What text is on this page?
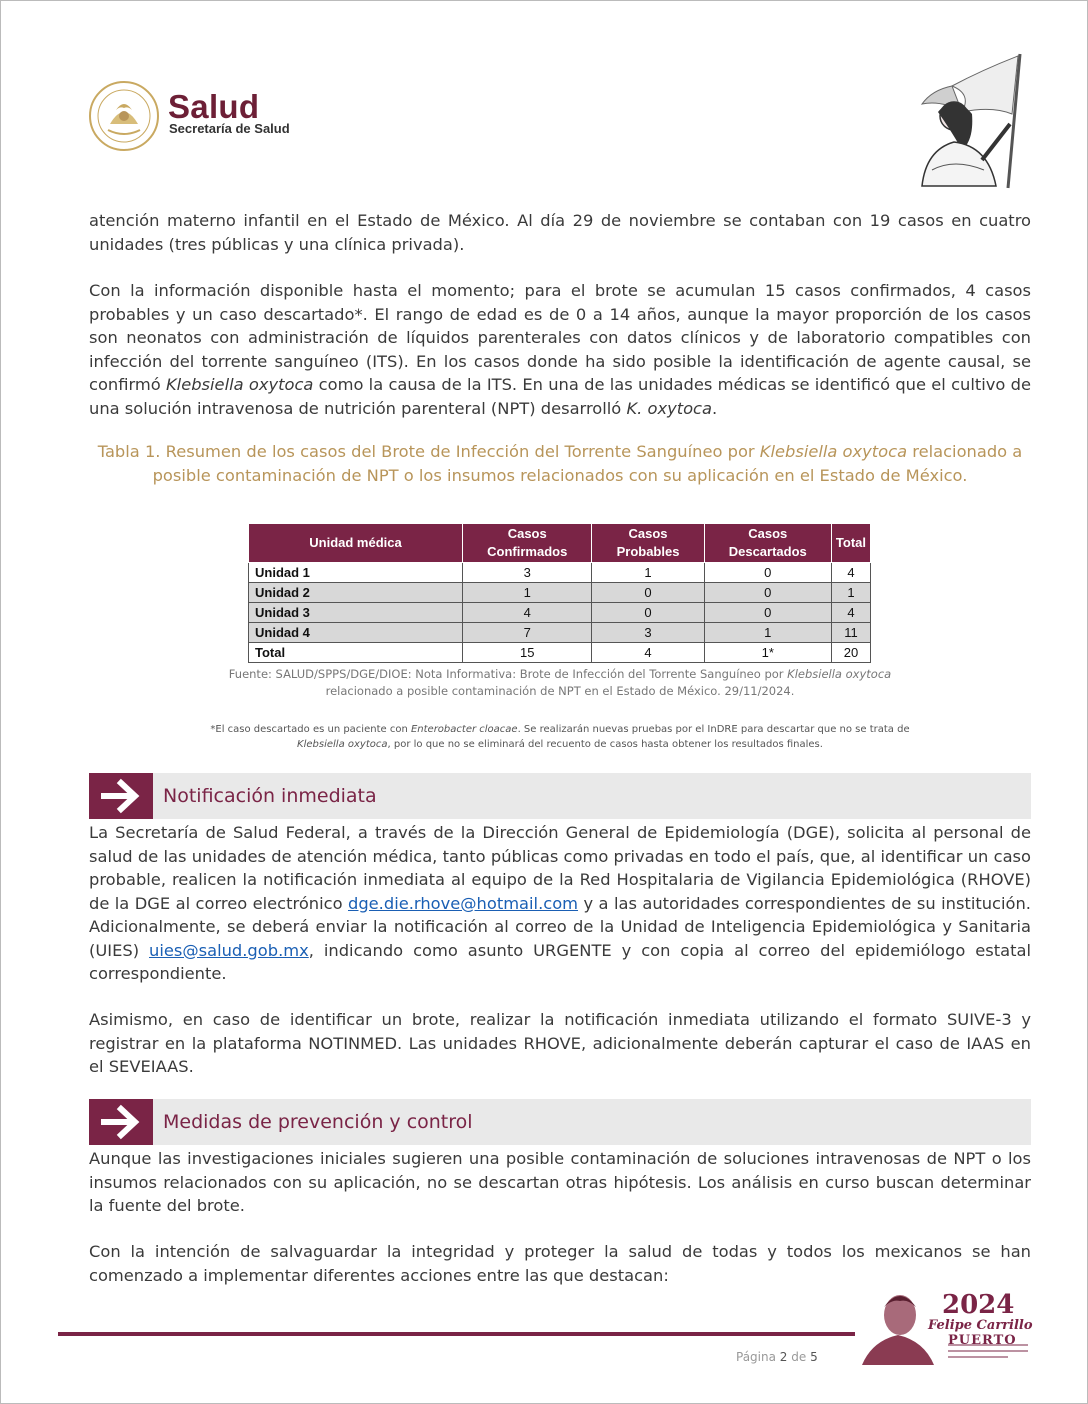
Salud
Secretaría de Salud

atención materno infantil en el Estado de México. Al día 29 de noviembre se contaban con 19 casos en cuatro unidades (tres públicas y una clínica privada).

Con la información disponible hasta el momento; para el brote se acumulan 15 casos confirmados, 4 casos probables y un caso descartado*. El rango de edad es de 0 a 14 años, aunque la mayor proporción de los casos son neonatos con administración de líquidos parenterales con datos clínicos y de laboratorio compatibles con infección del torrente sanguíneo (ITS). En los casos donde ha sido posible la identificación de agente causal, se confirmó Klebsiella oxytoca como la causa de la ITS. En una de las unidades médicas se identificó que el cultivo de una solución intravenosa de nutrición parenteral (NPT) desarrolló K. oxytoca.

Tabla 1. Resumen de los casos del Brote de Infección del Torrente Sanguíneo por Klebsiella oxytoca relacionado a posible contaminación de NPT o los insumos relacionados con su aplicación en el Estado de México.

Unidad médica	Casos Confirmados	Casos Probables	Casos Descartados	Total
Unidad 1	3	1	0	4
Unidad 2	1	0	0	1
Unidad 3	4	0	0	4
Unidad 4	7	3	1	11
Total	15	4	1*	20

Fuente: SALUD/SPPS/DGE/DIOE: Nota Informativa: Brote de Infección del Torrente Sanguíneo por Klebsiella oxytoca relacionado a posible contaminación de NPT en el Estado de México. 29/11/2024.

*El caso descartado es un paciente con Enterobacter cloacae. Se realizarán nuevas pruebas por el InDRE para descartar que no se trata de Klebsiella oxytoca, por lo que no se eliminará del recuento de casos hasta obtener los resultados finales.

Notificación inmediata

La Secretaría de Salud Federal, a través de la Dirección General de Epidemiología (DGE), solicita al personal de salud de las unidades de atención médica, tanto públicas como privadas en todo el país, que, al identificar un caso probable, realicen la notificación inmediata al equipo de la Red Hospitalaria de Vigilancia Epidemiológica (RHOVE) de la DGE al correo electrónico dge.die.rhove@hotmail.com y a las autoridades correspondientes de su institución. Adicionalmente, se deberá enviar la notificación al correo de la Unidad de Inteligencia Epidemiológica y Sanitaria (UIES) uies@salud.gob.mx, indicando como asunto URGENTE y con copia al correo del epidemiólogo estatal correspondiente.

Asimismo, en caso de identificar un brote, realizar la notificación inmediata utilizando el formato SUIVE-3 y registrar en la plataforma NOTINMED. Las unidades RHOVE, adicionalmente deberán capturar el caso de IAAS en el SEVEIAAS.

Medidas de prevención y control

Aunque las investigaciones iniciales sugieren una posible contaminación de soluciones intravenosas de NPT o los insumos relacionados con su aplicación, no se descartan otras hipótesis. Los análisis en curso buscan determinar la fuente del brote.

Con la intención de salvaguardar la integridad y proteger la salud de todas y todos los mexicanos se han comenzado a implementar diferentes acciones entre las que destacan:

Página 2 de 5
2024
Felipe Carrillo
PUERTO
